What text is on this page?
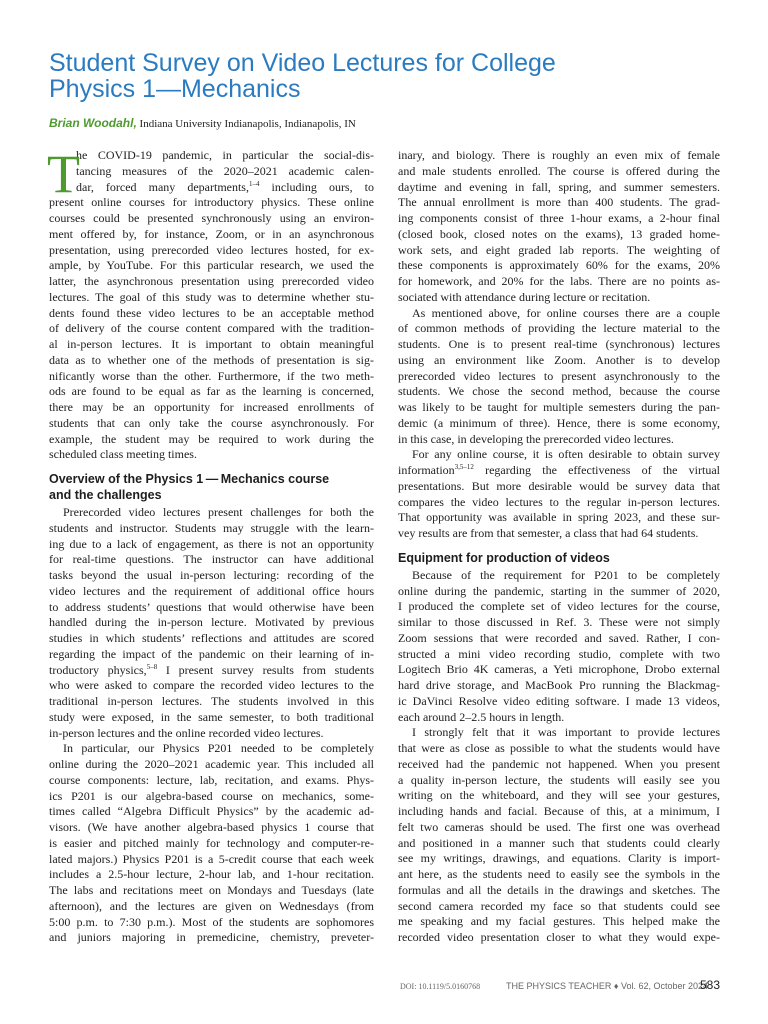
Student Survey on Video Lectures for College
Physics 1—Mechanics
Brian Woodahl, Indiana University Indianapolis, Indianapolis, IN
T
he COVID-19 pandemic, in particular the social-dis-
tancing measures of the 2020–2021 academic calen-
dar, forced many departments,$^{1-4}$ including ours, to
present online courses for introductory physics. These online
courses could be presented synchronously using an environ-
ment offered by, for instance, Zoom, or in an asynchronous
presentation, using prerecorded video lectures hosted, for ex-
ample, by YouTube. For this particular research, we used the
latter, the asynchronous presentation using prerecorded video
lectures. The goal of this study was to determine whether stu-
dents found these video lectures to be an acceptable method
of delivery of the course content compared with the tradition-
al in-person lectures. It is important to obtain meaningful
data as to whether one of the methods of presentation is sig-
nificantly worse than the other. Furthermore, if the two meth-
ods are found to be equal as far as the learning is concerned,
there may be an opportunity for increased enrollments of
students that can only take the course asynchronously. For
example, the student may be required to work during the
scheduled class meeting times.
Overview of the Physics 1 — Mechanics course
and the challenges
Prerecorded video lectures present challenges for both the
students and instructor. Students may struggle with the learn-
ing due to a lack of engagement, as there is not an opportunity
for real-time questions. The instructor can have additional
tasks beyond the usual in-person lecturing: recording of the
video lectures and the requirement of additional office hours
to address students’ questions that would otherwise have been
handled during the in-person lecture. Motivated by previous
studies in which students’ reflections and attitudes are scored
regarding the impact of the pandemic on their learning of in-
troductory physics,$^{5-8}$ I present survey results from students
who were asked to compare the recorded video lectures to the
traditional in-person lectures. The students involved in this
study were exposed, in the same semester, to both traditional
in-person lectures and the online recorded video lectures.
In particular, our Physics P201 needed to be completely
online during the 2020–2021 academic year. This included all
course components: lecture, lab, recitation, and exams. Phys-
ics P201 is our algebra-based course on mechanics, some-
times called “Algebra Difficult Physics” by the academic ad-
visors. (We have another algebra-based physics 1 course that
is easier and pitched mainly for technology and computer-re-
lated majors.) Physics P201 is a 5-credit course that each week
includes a 2.5-hour lecture, 2-hour lab, and 1-hour recitation.
The labs and recitations meet on Mondays and Tuesdays (late
afternoon), and the lectures are given on Wednesdays (from
5:00 p.m. to 7:30 p.m.). Most of the students are sophomores
and juniors majoring in premedicine, chemistry, preveter-
inary, and biology. There is roughly an even mix of female
and male students enrolled. The course is offered during the
daytime and evening in fall, spring, and summer semesters.
The annual enrollment is more than 400 students. The grad-
ing components consist of three 1-hour exams, a 2-hour final
(closed book, closed notes on the exams), 13 graded home-
work sets, and eight graded lab reports. The weighting of
these components is approximately 60% for the exams, 20%
for homework, and 20% for the labs. There are no points as-
sociated with attendance during lecture or recitation.
As mentioned above, for online courses there are a couple
of common methods of providing the lecture material to the
students. One is to present real-time (synchronous) lectures
using an environment like Zoom. Another is to develop
prerecorded video lectures to present asynchronously to the
students. We chose the second method, because the course
was likely to be taught for multiple semesters during the pan-
demic (a minimum of three). Hence, there is some economy,
in this case, in developing the prerecorded video lectures.
For any online course, it is often desirable to obtain survey
information$^{3,5-12}$ regarding the effectiveness of the virtual
presentations. But more desirable would be survey data that
compares the video lectures to the regular in-person lectures.
That opportunity was available in spring 2023, and these sur-
vey results are from that semester, a class that had 64 students.
Equipment for production of videos
Because of the requirement for P201 to be completely
online during the pandemic, starting in the summer of 2020,
I produced the complete set of video lectures for the course,
similar to those discussed in Ref. 3. These were not simply
Zoom sessions that were recorded and saved. Rather, I con-
structed a mini video recording studio, complete with two
Logitech Brio 4K cameras, a Yeti microphone, Drobo external
hard drive storage, and MacBook Pro running the Blackmag-
ic DaVinci Resolve video editing software. I made 13 videos,
each around 2–2.5 hours in length.
I strongly felt that it was important to provide lectures
that were as close as possible to what the students would have
received had the pandemic not happened. When you present
a quality in-person lecture, the students will easily see you
writing on the whiteboard, and they will see your gestures,
including hands and facial. Because of this, at a minimum, I
felt two cameras should be used. The first one was overhead
and positioned in a manner such that students could clearly
see my writings, drawings, and equations. Clarity is import-
ant here, as the students need to easily see the symbols in the
formulas and all the details in the drawings and sketches. The
second camera recorded my face so that students could see
me speaking and my facial gestures. This helped make the
recorded video presentation closer to what they would expe-
DOI: 10.1119/5.0160768	THE PHYSICS TEACHER ♦ Vol. 62, October 2024
583
